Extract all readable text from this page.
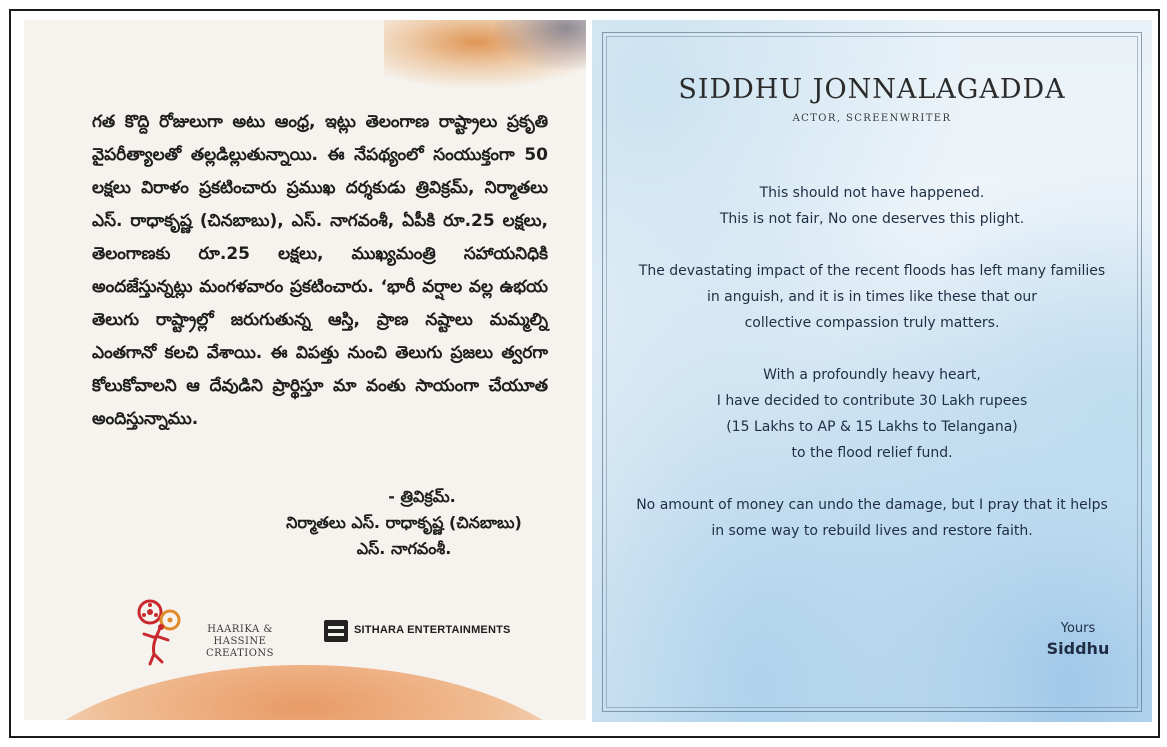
గత కొద్ది రోజులుగా అటు ఆంధ్ర, ఇట్లు తెలంగాణ రాష్ట్రాలు ప్రకృతి వైపరీత్యాలతో తల్లడిల్లుతున్నాయి. ఈ నేపథ్యంలో సంయుక్తంగా 50 లక్షలు విరాళం ప్రకటించారు ప్రముఖ దర్శకుడు త్రివిక్రమ్, నిర్మాతలు ఎస్. రాధాకృష్ణ (చినబాబు), ఎస్. నాగవంశీ, ఏపీకి రూ.25 లక్షలు, తెలంగాణకు రూ.25 లక్షలు, ముఖ్యమంత్రి సహాయనిధికి అందజేస్తున్నట్లు మంగళవారం ప్రకటించారు. ‘భారీ వర్షాల వల్ల ఉభయ తెలుగు రాష్ట్రాల్లో జరుగుతున్న ఆస్తి, ప్రాణ నష్టాలు మమ్మల్ని ఎంతగానో కలచి వేశాయి. ఈ విపత్తు నుంచి తెలుగు ప్రజలు త్వరగా కోలుకోవాలని ఆ దేవుడిని ప్రార్థిస్తూ మా వంతు సాయంగా చేయూత అందిస్తున్నాము.
- త్రివిక్రమ్.
నిర్మాతలు ఎస్. రాధాకృష్ణ (చినబాబు)
ఎస్. నాగవంశీ.
HAARIKA & HASSINE
CREATIONS
SITHARA ENTERTAINMENTS
SIDDHU JONNALAGADDA
ACTOR, SCREENWRITER

This should not have happened.
This is not fair, No one deserves this plight.

The devastating impact of the recent floods has left many families
in anguish, and it is in times like these that our
collective compassion truly matters.

With a profoundly heavy heart,
I have decided to contribute 30 Lakh rupees
(15 Lakhs to AP & 15 Lakhs to Telangana)
to the flood relief fund.

No amount of money can undo the damage, but I pray that it helps
in some way to rebuild lives and restore faith.

Yours
Siddhu
